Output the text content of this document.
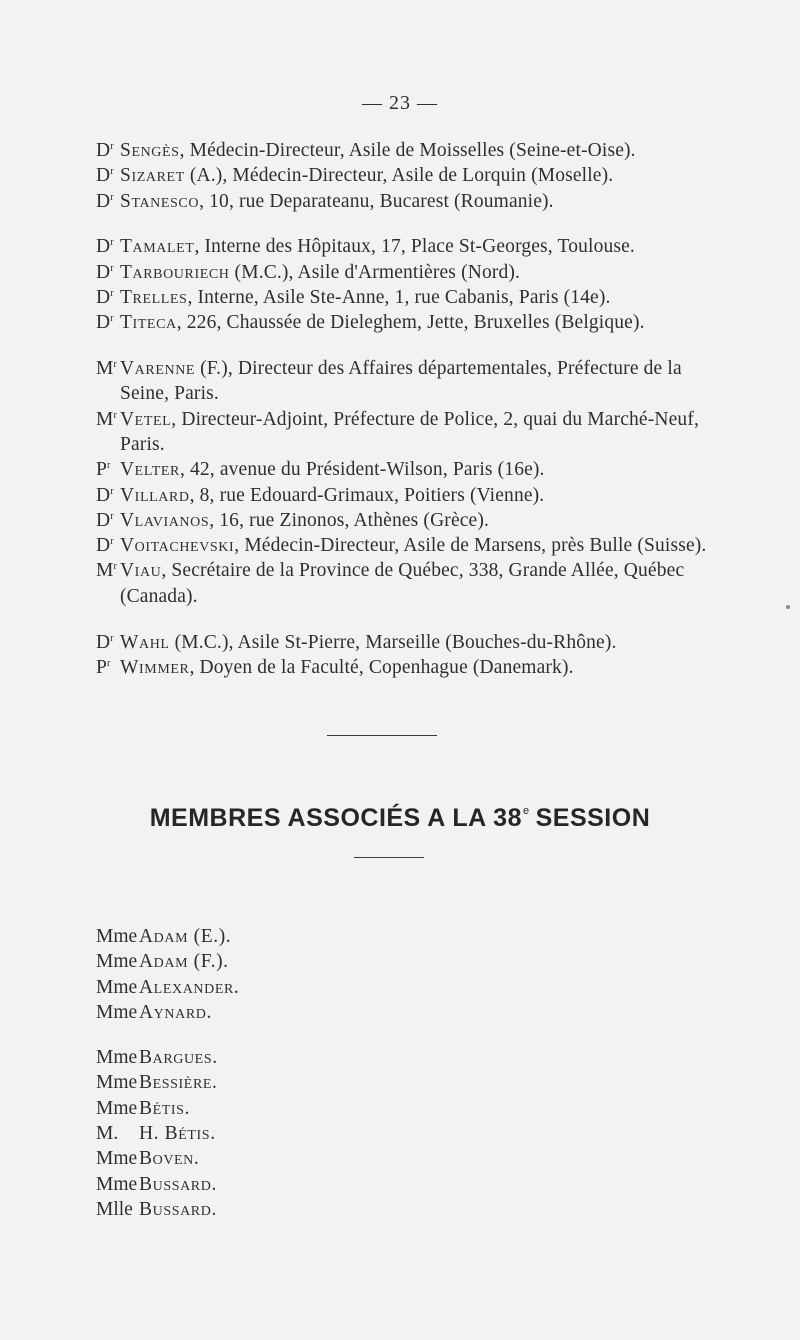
— 23 —
$D^r$ Sengès, Médecin-Directeur, Asile de Moisselles (Seine-et-Oise).
$D^r$ Sizaret (A.), Médecin-Directeur, Asile de Lorquin (Moselle).
$D^r$ Stanesco, 10, rue Deparateanu, Bucarest (Roumanie).
$D^r$ Tamalet, Interne des Hôpitaux, 17, Place St-Georges, Toulouse.
$D^r$ Tarbouriech (M.C.), Asile d'Armentières (Nord).
$D^r$ Trelles, Interne, Asile Ste-Anne, 1, rue Cabanis, Paris (14e).
$D^r$ Titeca, 226, Chaussée de Dieleghem, Jette, Bruxelles (Belgique).
$M^r$ Varenne (F.), Directeur des Affaires départementales, Préfecture de la Seine, Paris.
$M^r$ Vetel, Directeur-Adjoint, Préfecture de Police, 2, quai du Marché-Neuf, Paris.
$P^r$ Velter, 42, avenue du Président-Wilson, Paris (16e).
$D^r$ Villard, 8, rue Edouard-Grimaux, Poitiers (Vienne).
$D^r$ Vlavianos, 16, rue Zinonos, Athènes (Grèce).
$D^r$ Voitachevski, Médecin-Directeur, Asile de Marsens, près Bulle (Suisse).
$M^r$ Viau, Secrétaire de la Province de Québec, 338, Grande Allée, Québec (Canada).
$D^r$ Wahl (M.C.), Asile St-Pierre, Marseille (Bouches-du-Rhône).
$P^r$ Wimmer, Doyen de la Faculté, Copenhague (Danemark).
MEMBRES ASSOCIÉS A LA 38e SESSION
MmeAdam (E.).
MmeAdam (F.).
MmeAlexander.
MmeAynard.
MmeBargues.
MmeBessière.
MmeBétis.
M. H. Bétis.
MmeBoven.
MmeBussard.
Mlle Bussard.
